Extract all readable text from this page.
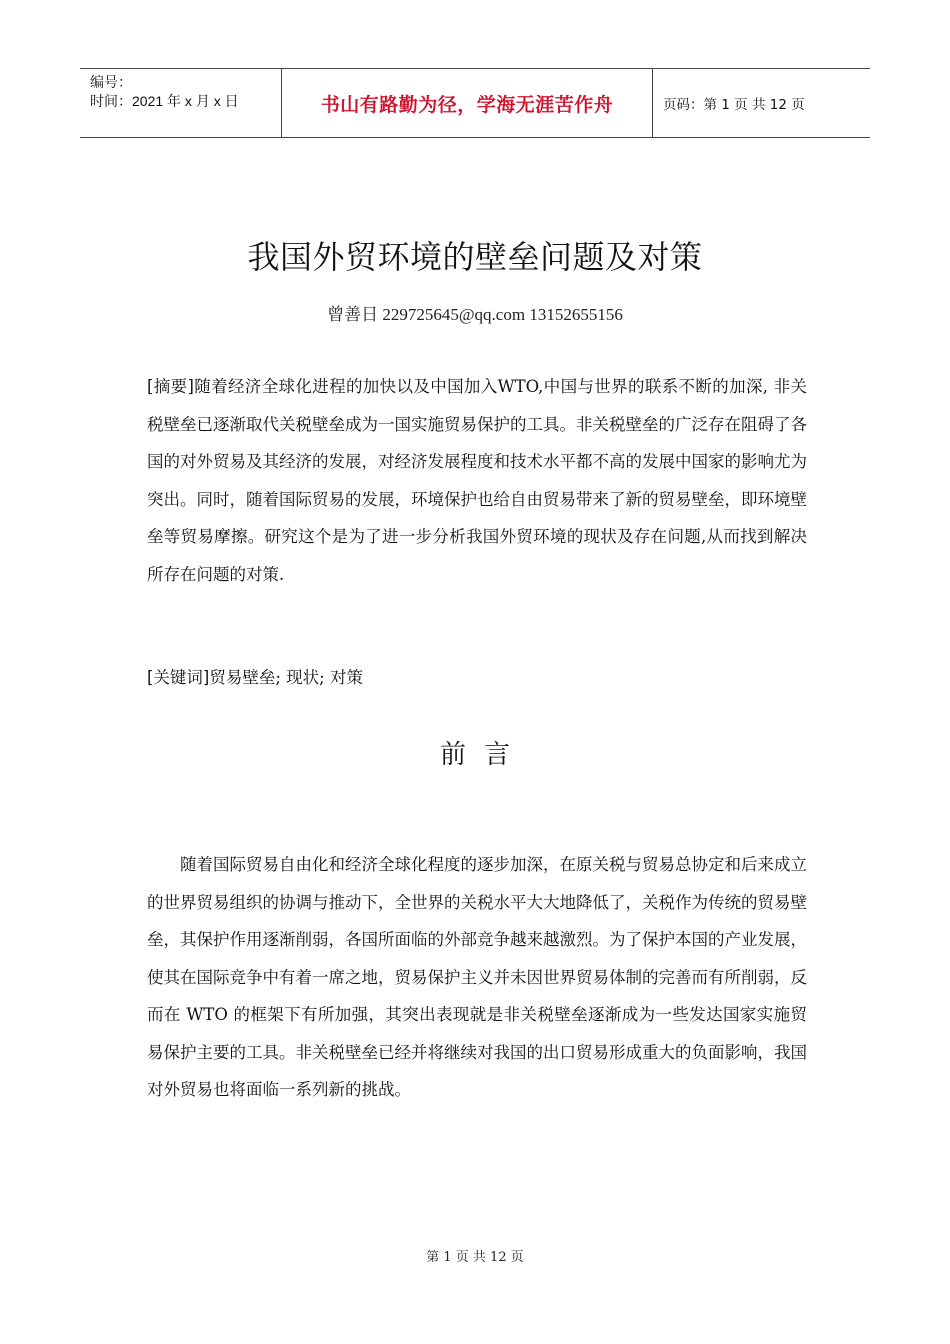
编号：
时间：2021 年 x 月 x 日	书山有路勤为径，学海无涯苦作舟	页码：第 1 页 共 12 页
我国外贸环境的壁垒问题及对策
曾善日 229725645@qq.com 13152655156
[摘要]随着经济全球化进程的加快以及中国加入WTO,中国与世界的联系不断的加深, 非关税壁垒已逐渐取代关税壁垒成为一国实施贸易保护的工具。非关税壁垒的广泛存在阻碍了各国的对外贸易及其经济的发展，对经济发展程度和技术水平都不高的发展中国家的影响尤为突出。同时，随着国际贸易的发展，环境保护也给自由贸易带来了新的贸易壁垒，即环境壁垒等贸易摩擦。研究这个是为了进一步分析我国外贸环境的现状及存在问题,从而找到解决所存在问题的对策.
[关键词]贸易壁垒; 现状; 对策
前言
随着国际贸易自由化和经济全球化程度的逐步加深，在原关税与贸易总协定和后来成立的世界贸易组织的协调与推动下，全世界的关税水平大大地降低了，关税作为传统的贸易壁垒，其保护作用逐渐削弱，各国所面临的外部竞争越来越激烈。为了保护本国的产业发展，使其在国际竞争中有着一席之地，贸易保护主义并未因世界贸易体制的完善而有所削弱，反而在 WTO 的框架下有所加强，其突出表现就是非关税壁垒逐渐成为一些发达国家实施贸易保护主要的工具。非关税壁垒已经并将继续对我国的出口贸易形成重大的负面影响，我国对外贸易也将面临一系列新的挑战。
第 1 页 共 12 页
